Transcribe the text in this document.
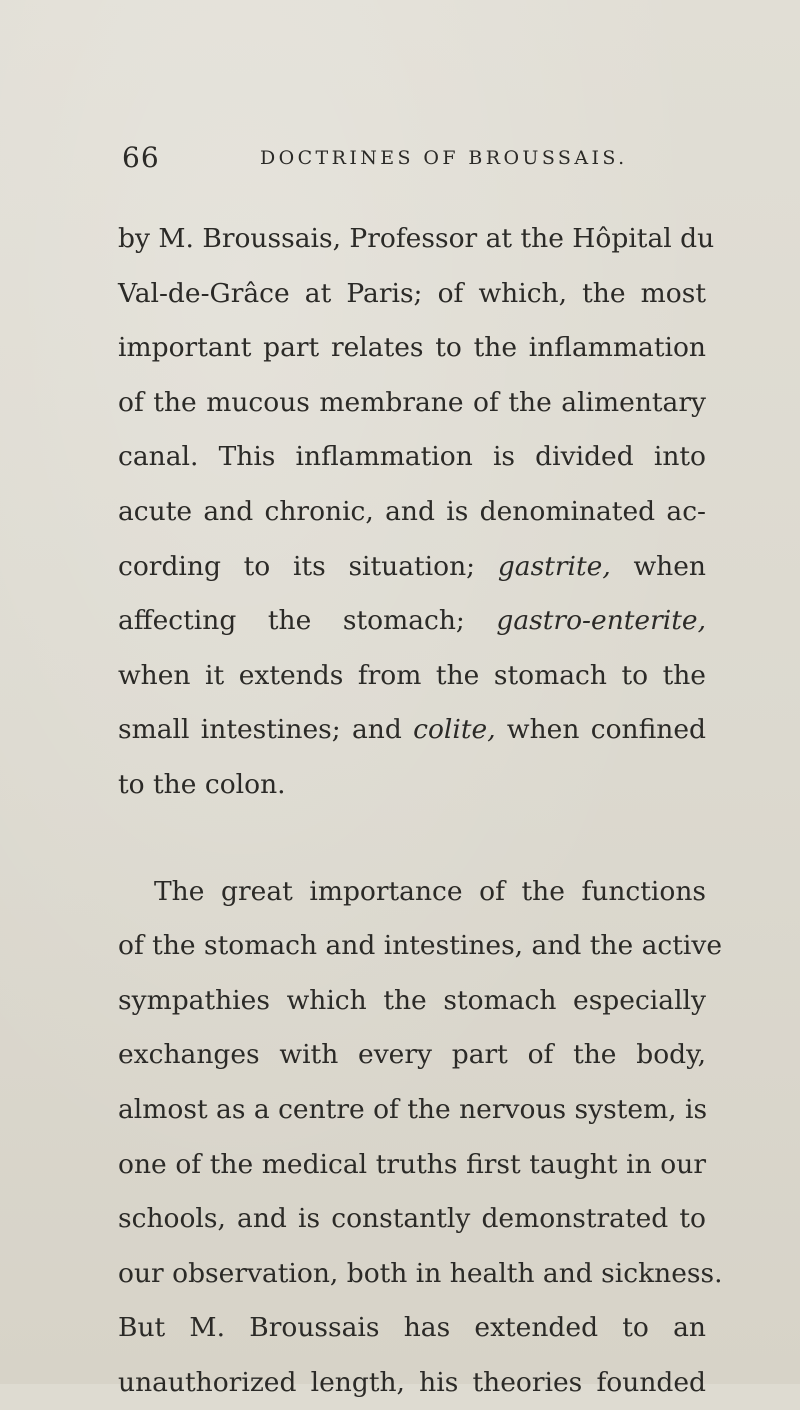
66	DOCTRINES OF BROUSSAIS.
by M. Broussais, Professor at the Hôpital du
Val-de-Grâce at Paris; of which, the most
important part relates to the inflammation
of the mucous membrane of the alimentary
canal. This inflammation is divided into
acute and chronic, and is denominated ac-
cording to its situation; gastrite, when
affecting the stomach; gastro-enterite,
when it extends from the stomach to the
small intestines; and colite, when confined
to the colon.
The great importance of the functions
of the stomach and intestines, and the active
sympathies which the stomach especially
exchanges with every part of the body,
almost as a centre of the nervous system, is
one of the medical truths first taught in our
schools, and is constantly demonstrated to
our observation, both in health and sickness.
But M. Broussais has extended to an
unauthorized length, his theories founded
